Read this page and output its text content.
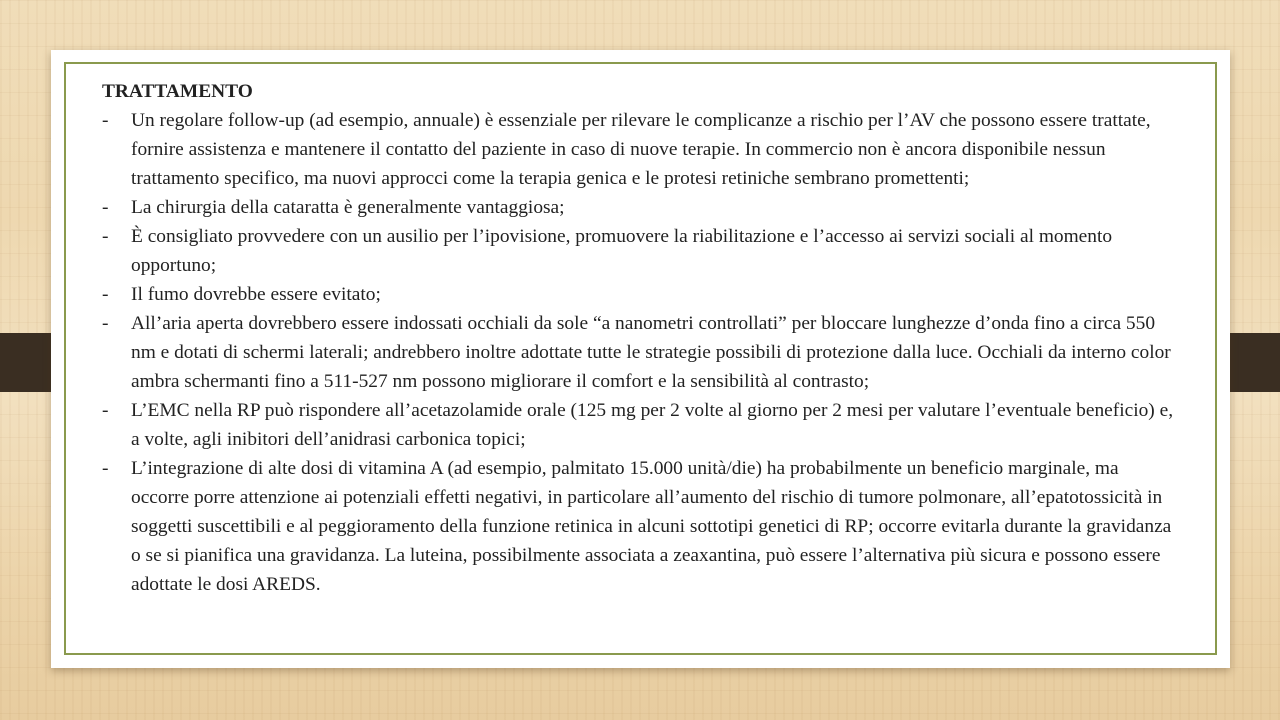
TRATTAMENTO
- Un regolare follow-up (ad esempio, annuale) è essenziale per rilevare le complicanze a rischio per l’AV che possono essere trattate, fornire assistenza e mantenere il contatto del paziente in caso di nuove terapie. In commercio non è ancora disponibile nessun trattamento specifico, ma nuovi approcci come la terapia genica e le protesi retiniche sembrano promettenti;
- La chirurgia della cataratta è generalmente vantaggiosa;
- È consigliato provvedere con un ausilio per l’ipovisione, promuovere la riabilitazione e l’accesso ai servizi sociali al momento opportuno;
- Il fumo dovrebbe essere evitato;
- All’aria aperta dovrebbero essere indossati occhiali da sole “a nanometri controllati” per bloccare lunghezze d’onda fino a circa 550 nm e dotati di schermi laterali; andrebbero inoltre adottate tutte le strategie possibili di protezione dalla luce. Occhiali da interno color ambra schermanti fino a 511-527 nm possono migliorare il comfort e la sensibilità al contrasto;
- L’EMC nella RP può rispondere all’acetazolamide orale (125 mg per 2 volte al giorno per 2 mesi per valutare l’eventuale beneficio) e, a volte, agli inibitori dell’anidrasi carbonica topici;
- L’integrazione di alte dosi di vitamina A (ad esempio, palmitato 15.000 unità/die) ha probabilmente un beneficio marginale, ma occorre porre attenzione ai potenziali effetti negativi, in particolare all’aumento del rischio di tumore polmonare, all’epatotossicità in soggetti suscettibili e al peggioramento della funzione retinica in alcuni sottotipi genetici di RP; occorre evitarla durante la gravidanza o se si pianifica una gravidanza. La luteina, possibilmente associata a zeaxantina, può essere l’alternativa più sicura e possono essere adottate le dosi AREDS.
